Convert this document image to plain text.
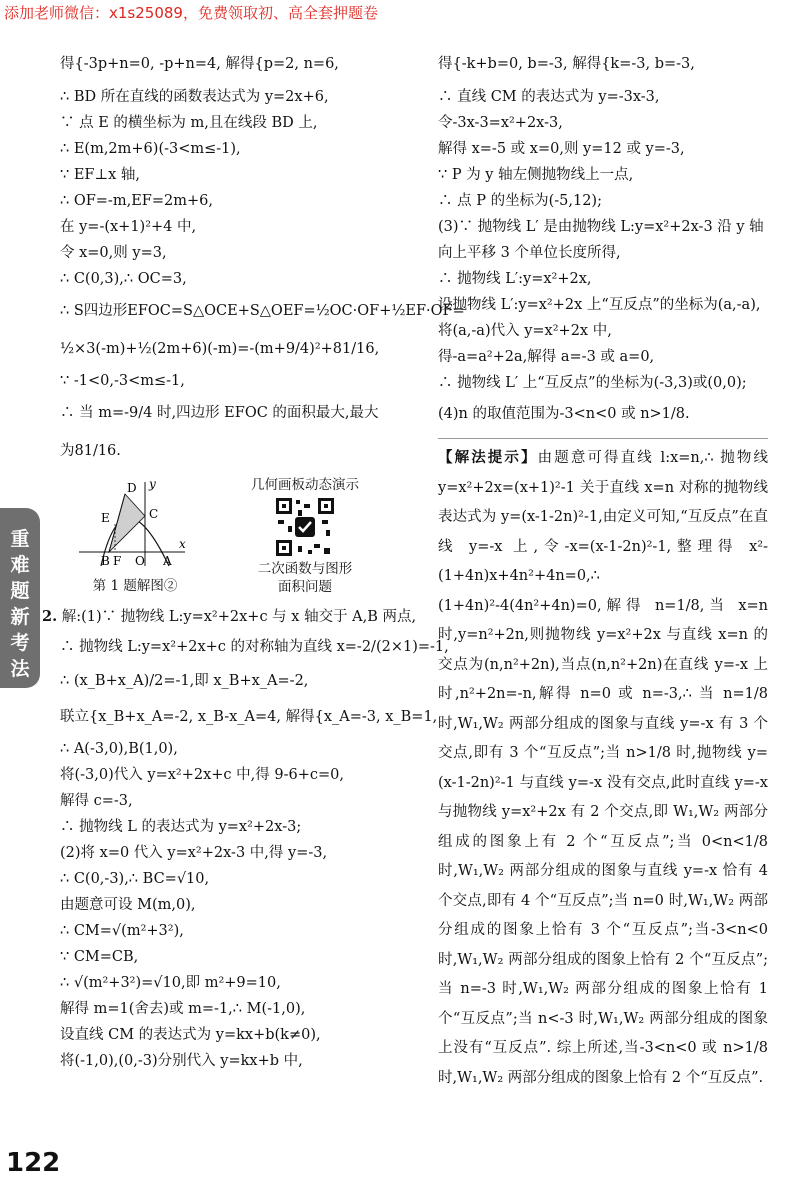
添加老师微信：x1s25089，免费领取初、高全套押题卷
重
难
题
新
考
法
得{-3p+n=0, -p+n=4, 解得{p=2, n=6,
∴ BD 所在直线的函数表达式为 y=2x+6,
∵ 点 E 的横坐标为 m,且在线段 BD 上,
∴ E(m,2m+6)(-3<m≤-1),
∵ EF⊥x 轴,
∴ OF=-m,EF=2m+6,
在 y=-(x+1)²+4 中,
令 x=0,则 y=3,
∴ C(0,3),∴ OC=3,
∴ S四边形EFOC=S△OCE+S△OEF=½OC·OF+½EF·OF=
½×3(-m)+½(2m+6)(-m)=-(m+9/4)²+81/16,
∵ -1<0,-3<m≤-1,
∴ 当 m=-9/4 时,四边形 EFOC 的面积最大,最大
为81/16.
E
D y
C
B F O A
x
第 1 题解图②
几何画板动态演示
二次函数与图形
面积问题
2. 解:(1)∵ 抛物线 L:y=x²+2x+c 与 x 轴交于 A,B 两点,
∴ 抛物线 L:y=x²+2x+c 的对称轴为直线 x=-2/(2×1)=-1,
∴ (x_B+x_A)/2=-1,即 x_B+x_A=-2,
联立{x_B+x_A=-2, x_B-x_A=4, 解得{x_A=-3, x_B=1,
∴ A(-3,0),B(1,0),
将(-3,0)代入 y=x²+2x+c 中,得 9-6+c=0,
解得 c=-3,
∴ 抛物线 L 的表达式为 y=x²+2x-3;
(2)将 x=0 代入 y=x²+2x-3 中,得 y=-3,
∴ C(0,-3),∴ BC=√10,
由题意可设 M(m,0),
∴ CM=√(m²+3²),
∵ CM=CB,
∴ √(m²+3²)=√10,即 m²+9=10,
解得 m=1(舍去)或 m=-1,∴ M(-1,0),
设直线 CM 的表达式为 y=kx+b(k≠0),
将(-1,0),(0,-3)分别代入 y=kx+b 中,
得{-k+b=0, b=-3, 解得{k=-3, b=-3,
∴ 直线 CM 的表达式为 y=-3x-3,
令-3x-3=x²+2x-3,
解得 x=-5 或 x=0,则 y=12 或 y=-3,
∵ P 为 y 轴左侧抛物线上一点,
∴ 点 P 的坐标为(-5,12);
(3)∵ 抛物线 L′ 是由抛物线 L:y=x²+2x-3 沿 y 轴
向上平移 3 个单位长度所得,
∴ 抛物线 L′:y=x²+2x,
设抛物线 L′:y=x²+2x 上“互反点”的坐标为(a,-a),
将(a,-a)代入 y=x²+2x 中,
得-a=a²+2a,解得 a=-3 或 a=0,
∴ 抛物线 L′ 上“互反点”的坐标为(-3,3)或(0,0);
(4)n 的取值范围为-3<n<0 或 n>1/8.
【解法提示】由题意可得直线 l:x=n,∴ 抛物线 y=x²+2x=(x+1)²-1 关于直线 x=n 对称的抛物线表达式为 y=(x-1-2n)²-1,由定义可知,“互反点”在直线 y=-x 上,令-x=(x-1-2n)²-1,整理得 x²-(1+4n)x+4n²+4n=0,∴ (1+4n)²-4(4n²+4n)=0,解得 n=1/8,当 x=n 时,y=n²+2n,则抛物线 y=x²+2x 与直线 x=n 的交点为(n,n²+2n),当点(n,n²+2n)在直线 y=-x 上时,n²+2n=-n,解得 n=0 或 n=-3,∴ 当 n=1/8 时,W₁,W₂ 两部分组成的图象与直线 y=-x 有 3 个交点,即有 3 个“互反点”;当 n>1/8 时,抛物线 y=(x-1-2n)²-1 与直线 y=-x 没有交点,此时直线 y=-x 与抛物线 y=x²+2x 有 2 个交点,即 W₁,W₂ 两部分组成的图象上有 2 个“互反点”;当 0<n<1/8 时,W₁,W₂ 两部分组成的图象与直线 y=-x 恰有 4 个交点,即有 4 个“互反点”;当 n=0 时,W₁,W₂ 两部分组成的图象上恰有 3 个“互反点”;当-3<n<0 时,W₁,W₂ 两部分组成的图象上恰有 2 个“互反点”;当 n=-3 时,W₁,W₂ 两部分组成的图象上恰有 1 个“互反点”;当 n<-3 时,W₁,W₂ 两部分组成的图象上没有“互反点”. 综上所述,当-3<n<0 或 n>1/8 时,W₁,W₂ 两部分组成的图象上恰有 2 个“互反点”.
122
